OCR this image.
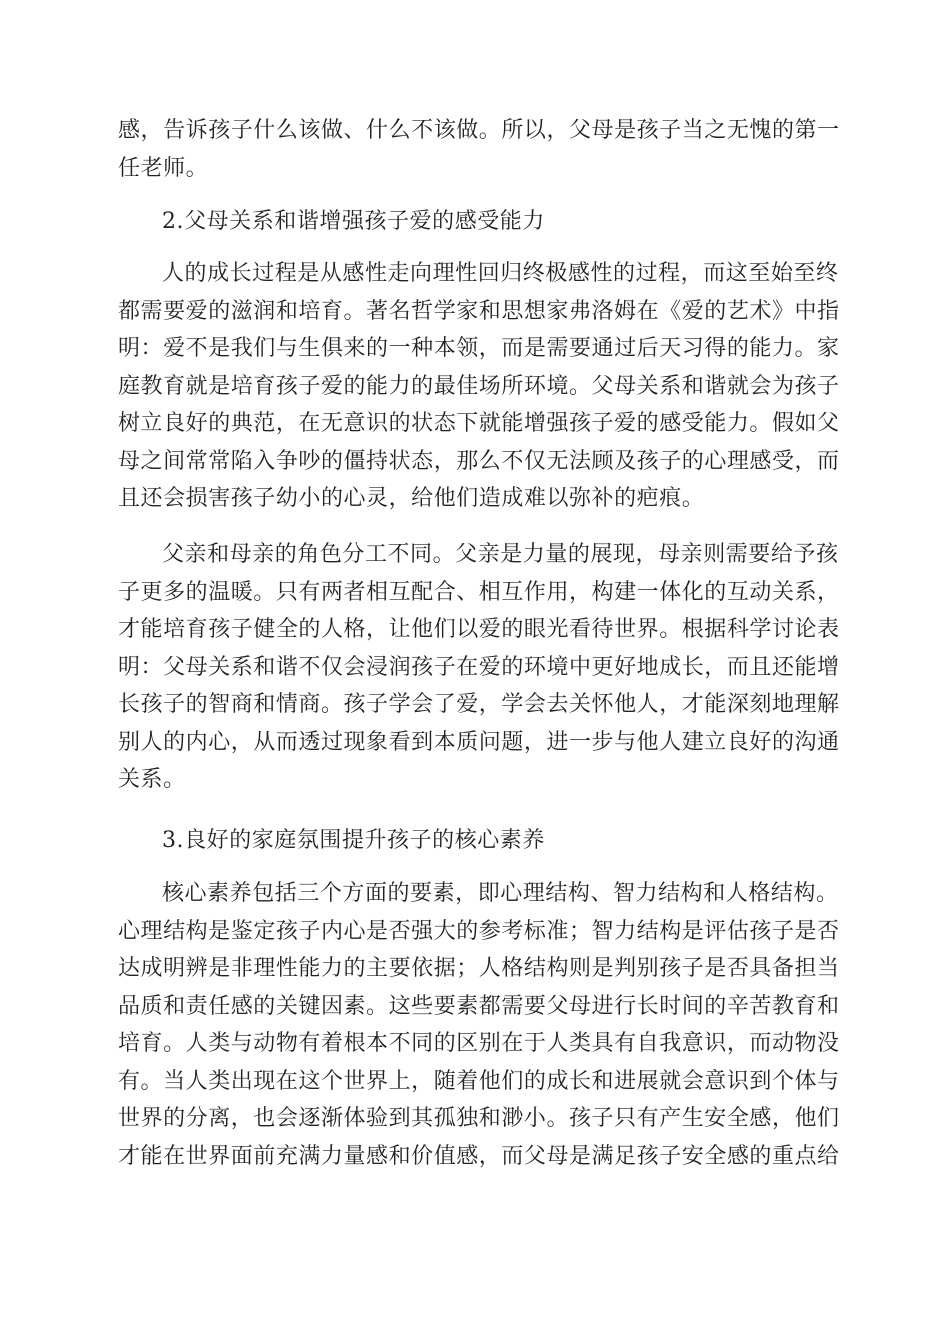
感，告诉孩子什么该做、什么不该做。所以，父母是孩子当之无愧的第一
任老师。
2.父母关系和谐增强孩子爱的感受能力
人的成长过程是从感性走向理性回归终极感性的过程，而这至始至终
都需要爱的滋润和培育。著名哲学家和思想家弗洛姆在《爱的艺术》中指
明：爱不是我们与生俱来的一种本领，而是需要通过后天习得的能力。家
庭教育就是培育孩子爱的能力的最佳场所环境。父母关系和谐就会为孩子
树立良好的典范，在无意识的状态下就能增强孩子爱的感受能力。假如父
母之间常常陷入争吵的僵持状态，那么不仅无法顾及孩子的心理感受，而
且还会损害孩子幼小的心灵，给他们造成难以弥补的疤痕。
父亲和母亲的角色分工不同。父亲是力量的展现，母亲则需要给予孩
子更多的温暖。只有两者相互配合、相互作用，构建一体化的互动关系，
才能培育孩子健全的人格，让他们以爱的眼光看待世界。根据科学讨论表
明：父母关系和谐不仅会浸润孩子在爱的环境中更好地成长，而且还能增
长孩子的智商和情商。孩子学会了爱，学会去关怀他人，才能深刻地理解
别人的内心，从而透过现象看到本质问题，进一步与他人建立良好的沟通
关系。
3.良好的家庭氛围提升孩子的核心素养
核心素养包括三个方面的要素，即心理结构、智力结构和人格结构。
心理结构是鉴定孩子内心是否强大的参考标准；智力结构是评估孩子是否
达成明辨是非理性能力的主要依据；人格结构则是判别孩子是否具备担当
品质和责任感的关键因素。这些要素都需要父母进行长时间的辛苦教育和
培育。人类与动物有着根本不同的区别在于人类具有自我意识，而动物没
有。当人类出现在这个世界上，随着他们的成长和进展就会意识到个体与
世界的分离，也会逐渐体验到其孤独和渺小。孩子只有产生安全感，他们
才能在世界面前充满力量感和价值感，而父母是满足孩子安全感的重点给
